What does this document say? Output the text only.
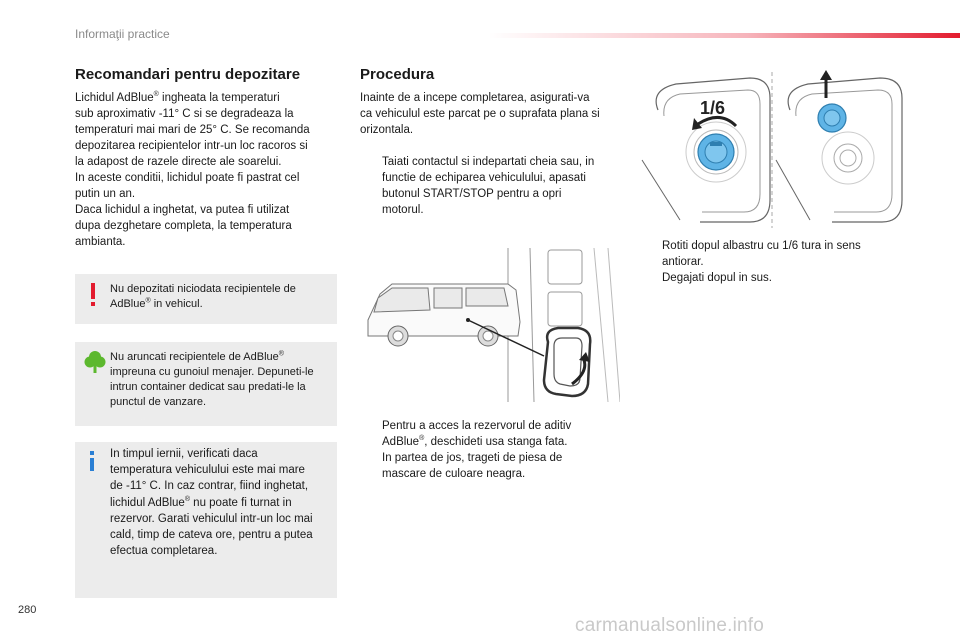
Informaţii practice
Recomandari pentru depozitare

Lichidul AdBlue® ingheata la temperaturi

sub aproximativ -11° C si se degradeaza la

temperaturi mai mari de 25° C. Se recomanda

depozitarea recipientelor intr-un loc racoros si

la adapost de razele directe ale soarelui.

In aceste conditii, lichidul poate fi pastrat cel

putin un an.

Daca lichidul a inghetat, va putea fi utilizat

dupa dezghetare completa, la temperatura

ambianta.

Nu depozitati niciodata recipientele de
AdBlue® in vehicul.
Nu aruncati recipientele de AdBlue®
impreuna cu gunoiul menajer. Depuneti-le
intrun container dedicat sau predati-le la
punctul de vanzare.
In timpul iernii, verificati daca
temperatura vehiculului este mai mare
de -11° C. In caz contrar, fiind inghetat,
lichidul AdBlue® nu poate fi turnat in
rezervor. Garati vehiculul intr-un loc mai
cald, timp de cateva ore, pentru a putea
efectua completarea.
Procedura

Inainte de a incepe completarea, asigurati-va

ca vehiculul este parcat pe o suprafata plana si

orizontala.

Taiati contactul si indepartati cheia sau, in
functie de echiparea vehiculului, apasati
butonul START/STOP pentru a opri
motorul.
Pentru a acces la rezervorul de aditiv
AdBlue®, deschideti usa stanga fata.
In partea de jos, trageti de piesa de
mascare de culoare neagra.
1/6
Rotiti dopul albastru cu 1/6 tura in sens
antiorar.
Degajati dopul in sus.
280
carmanualsonline.info
